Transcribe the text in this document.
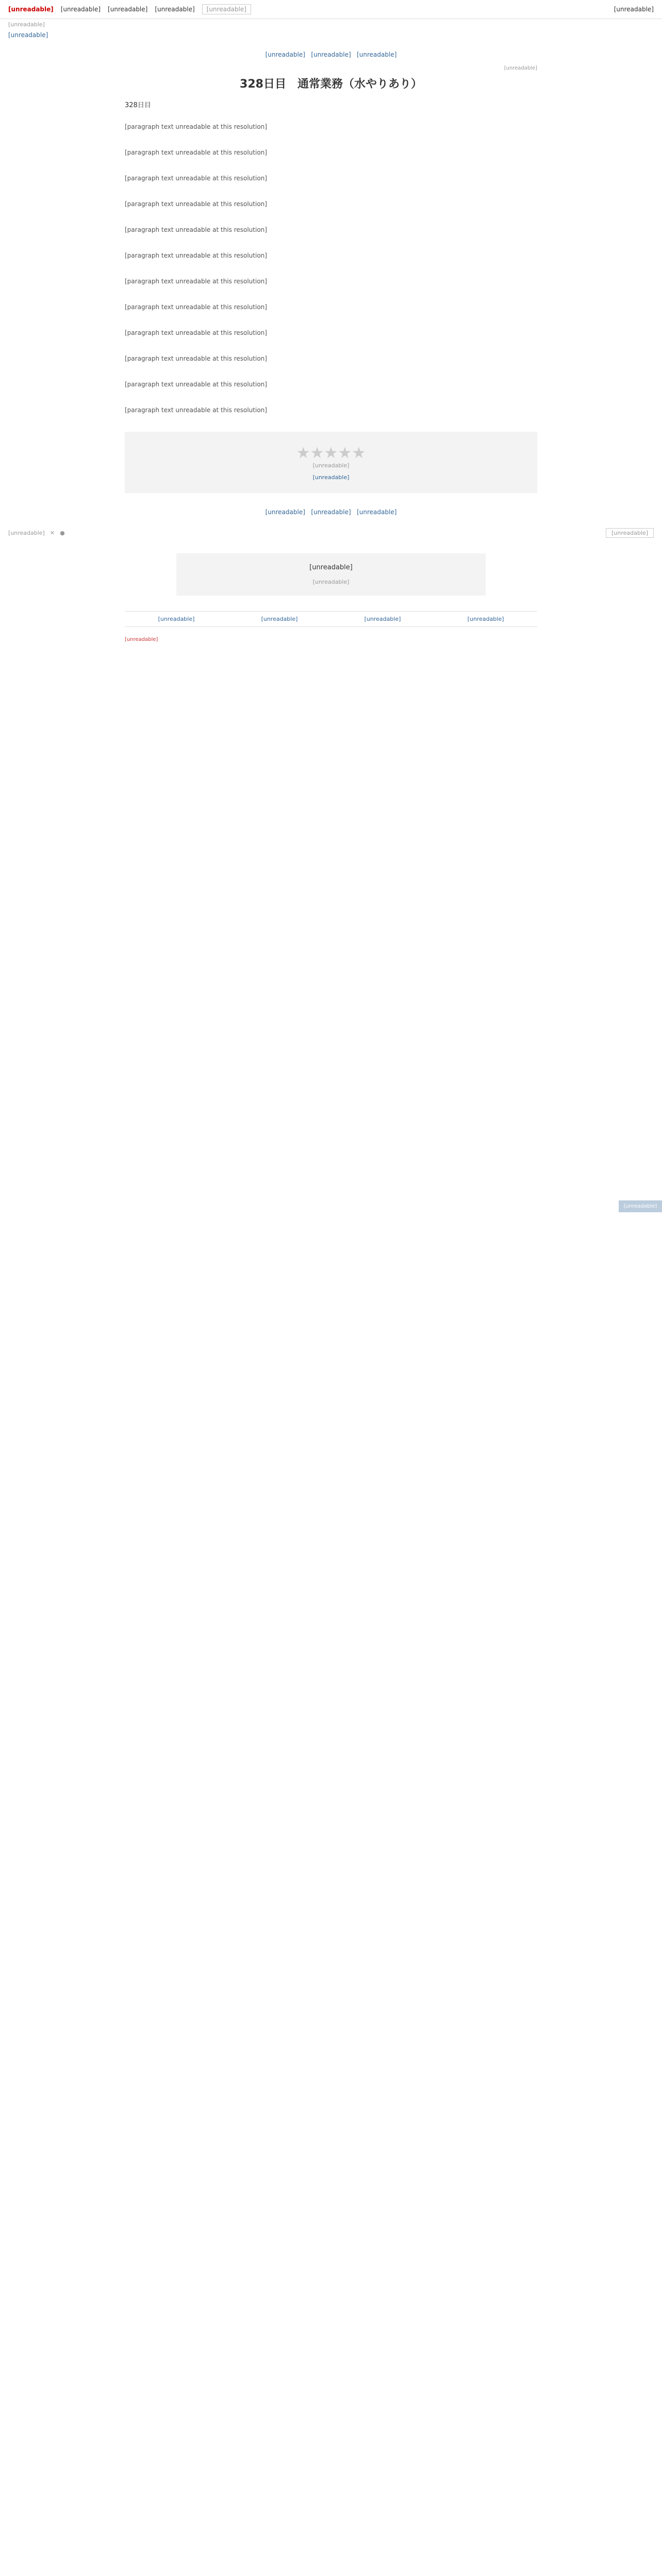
[unreadable] [unreadable] [unreadable] [unreadable]	[unreadable]	[unreadable]
[unreadable]
[unreadable]
[unreadable] [unreadable] [unreadable]
[unreadable]
328日目　通常業務（水やりあり）
328日目

[paragraph text unreadable at this resolution]

[paragraph text unreadable at this resolution]

[paragraph text unreadable at this resolution]

[paragraph text unreadable at this resolution]

[paragraph text unreadable at this resolution]

[paragraph text unreadable at this resolution]

[paragraph text unreadable at this resolution]

[paragraph text unreadable at this resolution]

[paragraph text unreadable at this resolution]

[paragraph text unreadable at this resolution]

[paragraph text unreadable at this resolution]

[paragraph text unreadable at this resolution]

★★★★★
[unreadable]
[unreadable]
[unreadable] [unreadable] [unreadable]
[unreadable]
[unreadable] ✕ ●	[unreadable]
[unreadable]
[unreadable]
[unreadable]	[unreadable]	[unreadable]	[unreadable]
[unreadable]
